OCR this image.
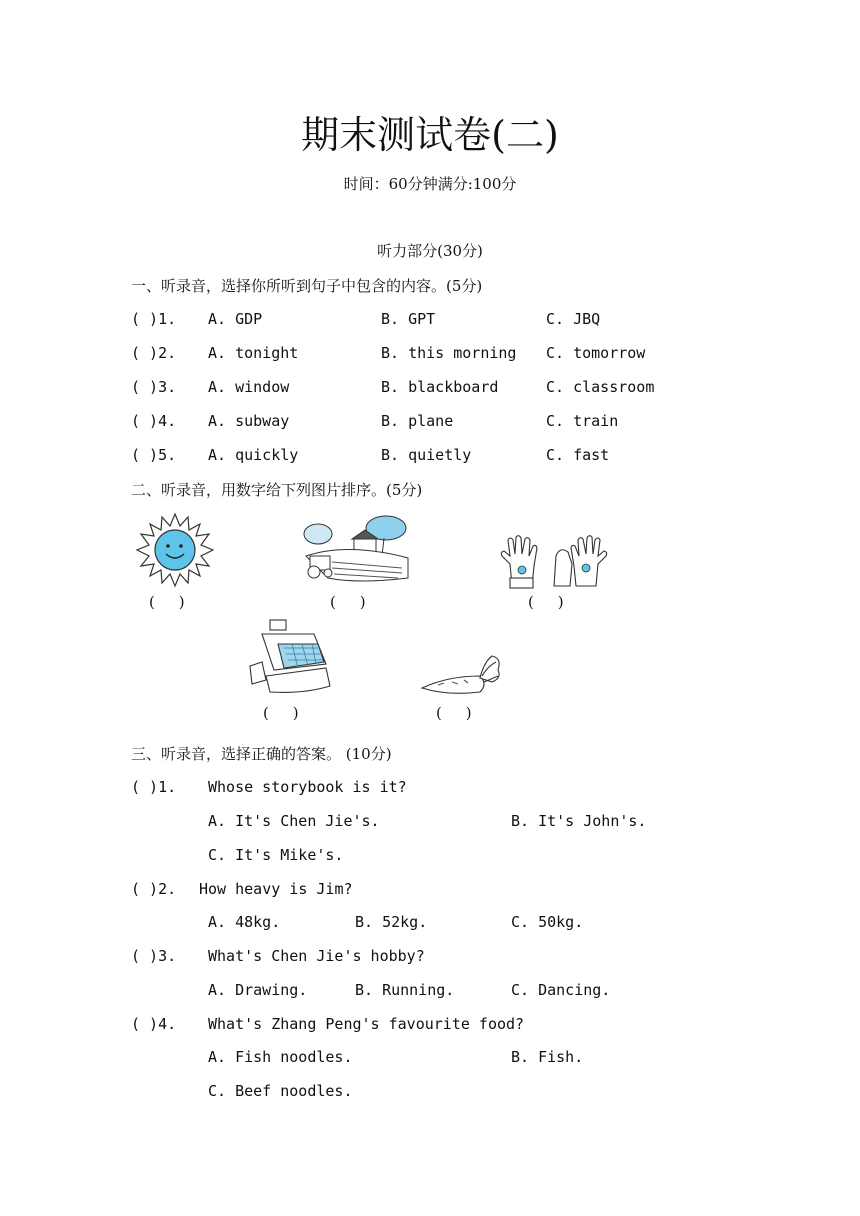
期末测试卷(二)
时间：60分钟满分:100分
听力部分(30分)
一、听录音，选择你所听到句子中包含的内容。(5分)
( )1. A. GDP	B. GPT	C. JBQ
( )2. A. tonight	B. this morning C. tomorrow
( )3. A. window	B. blackboard	C. classroom
( )4. A. subway	B. plane	C. train
( )5. A. quickly	B. quietly	C. fast
二、听录音，用数字给下列图片排序。(5分)
(     )	(     )	(     )
(     )	(     )
三、听录音，选择正确的答案。 (10分)
( )1. Whose storybook is it?
A. It's Chen Jie's.	B. It's John's.
C. It's Mike's.
( )2. How heavy is Jim?
A. 48kg.	B. 52kg.	C. 50kg.
( )3. What's Chen Jie's hobby?
A. Drawing.	B. Running.	C. Dancing.
( )4. What's Zhang Peng's favourite food?
A. Fish noodles.	B. Fish.
C. Beef noodles.
